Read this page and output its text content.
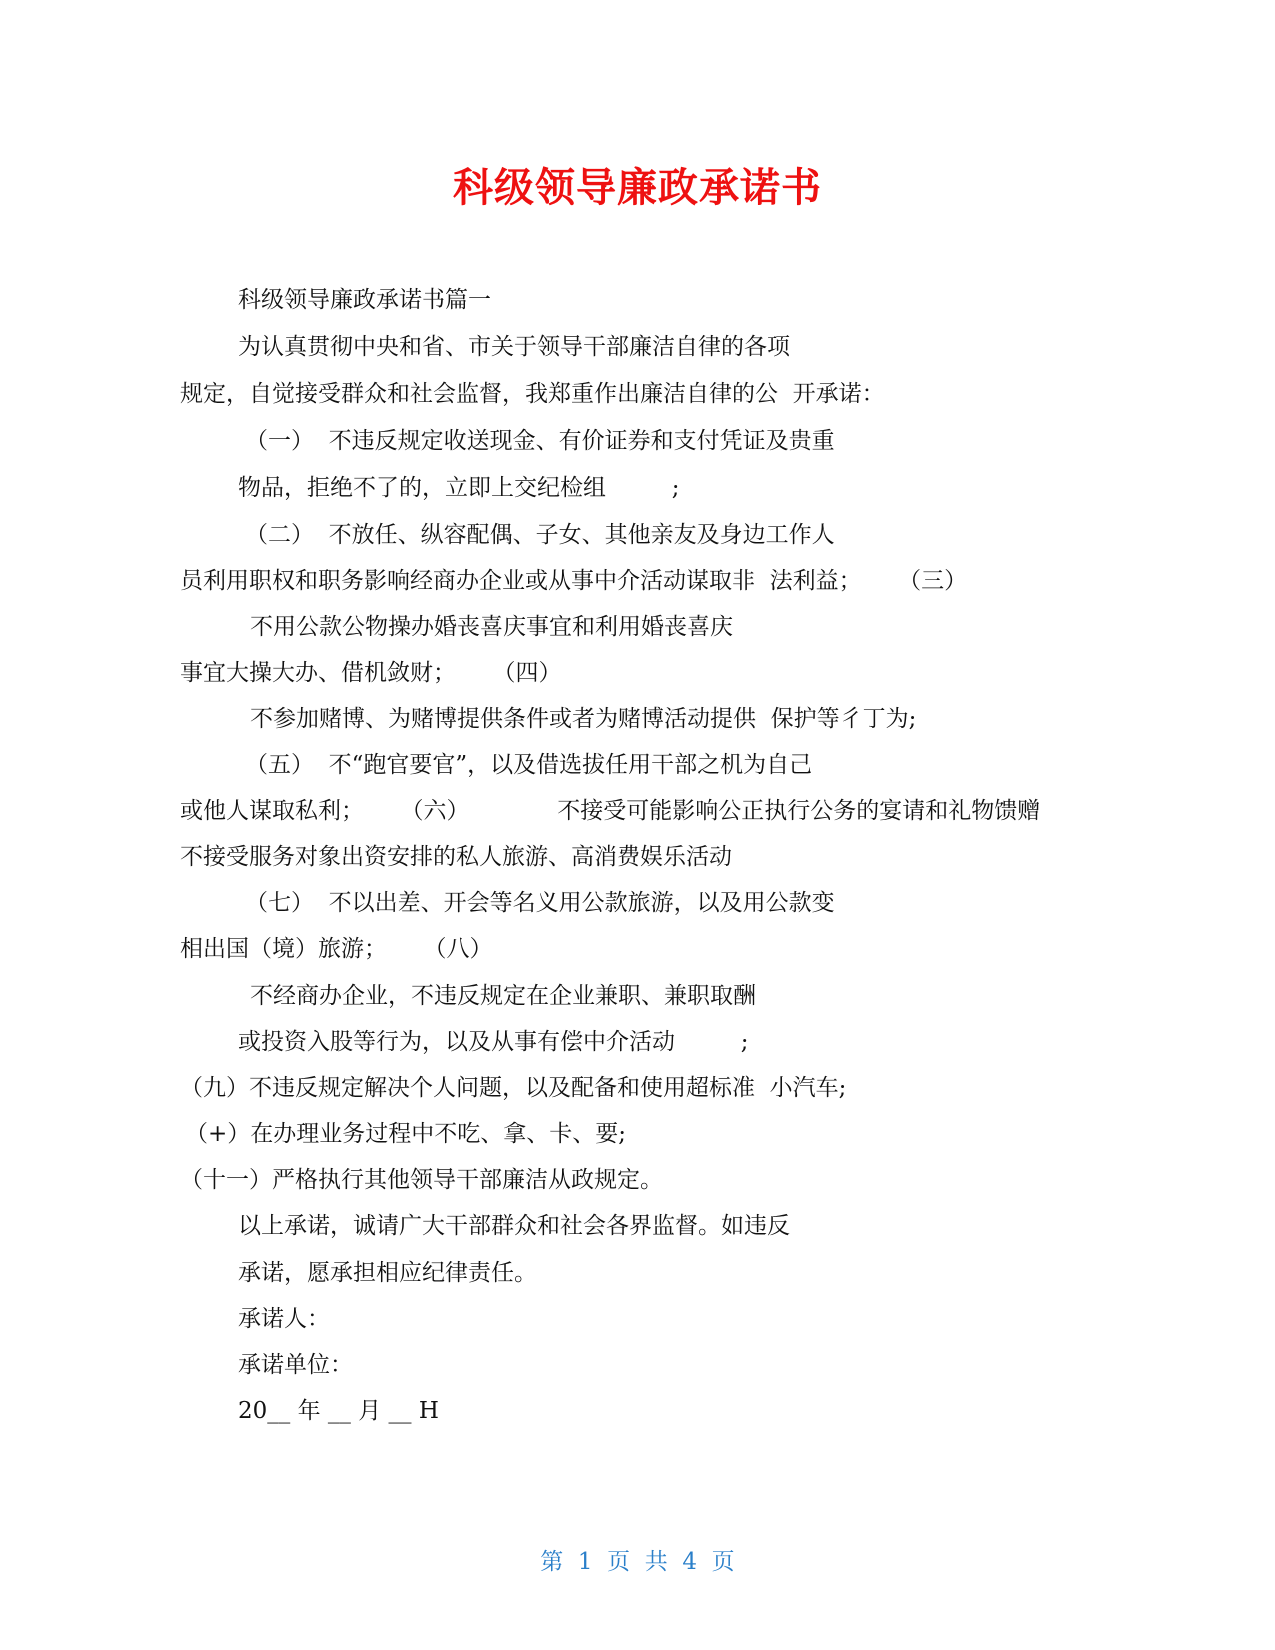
科级领导廉政承诺书
科级领导廉政承诺书篇一
为认真贯彻中央和省、市关于领导干部廉洁自律的各项
规定，自觉接受群众和社会监督，我郑重作出廉洁自律的公  开承诺：
（一）  不违反规定收送现金、有价证券和支付凭证及贵重
物品，拒绝不了的，立即上交纪检组         ;
（二）  不放任、纵容配偶、子女、其他亲友及身边工作人
员利用职权和职务影响经商办企业或从事中介活动谋取非  法利益；     （三）
不用公款公物操办婚丧喜庆事宜和利用婚丧喜庆
事宜大操大办、借机敛财；     （四）
不参加赌博、为赌博提供条件或者为赌博活动提供  保护等彳丁为;
（五）  不“跑官要官”，以及借选拔任用干部之机为自己
或他人谋取私利；     （六）            不接受可能影响公正执行公务的宴请和礼物馈赠
不接受服务对象出资安排的私人旅游、高消费娱乐活动
（七）  不以出差、开会等名义用公款旅游，以及用公款变
相出国（境）旅游；     （八）
不经商办企业，不违反规定在企业兼职、兼职取酬
或投资入股等行为，以及从事有偿中介活动         ;
（九）不违反规定解决个人问题，以及配备和使用超标准  小汽车;
（+）在办理业务过程中不吃、拿、卡、要;
（十一）严格执行其他领导干部廉洁从政规定。
以上承诺，诚请广大干部群众和社会各界监督。如违反
承诺，愿承担相应纪律责任。
承诺人：
承诺单位：
20__ 年 __ 月 __ H
第  1  页  共  4  页
